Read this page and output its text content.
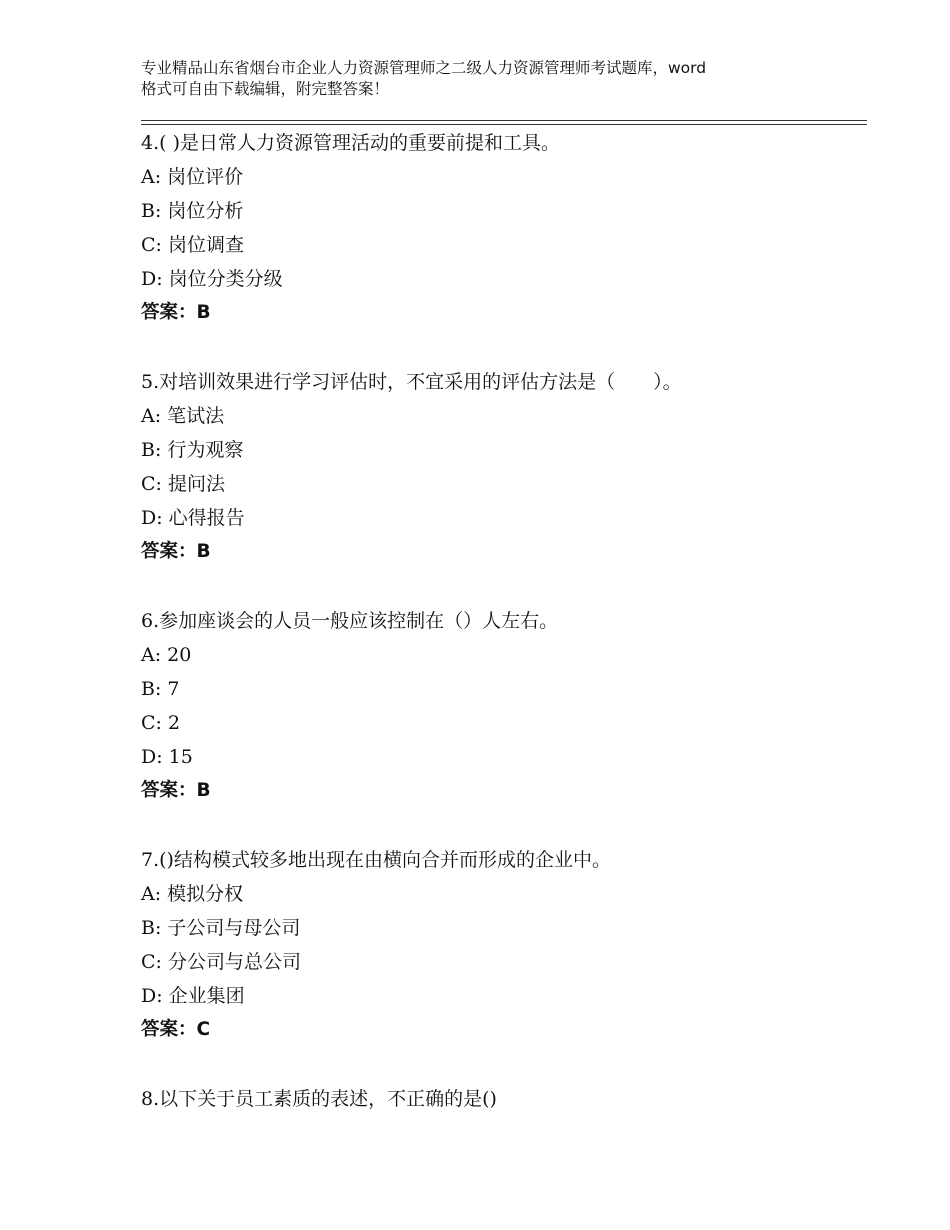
专业精品山东省烟台市企业人力资源管理师之二级人力资源管理师考试题库，word
格式可自由下载编辑，附完整答案！
4.( )是日常人力资源管理活动的重要前提和工具。
A: 岗位评价
B: 岗位分析
C: 岗位调查
D: 岗位分类分级
答案：B
5.对培训效果进行学习评估时，不宜采用的评估方法是（　　）。
A: 笔试法
B: 行为观察
C: 提问法
D: 心得报告
答案：B
6.参加座谈会的人员一般应该控制在（）人左右。
A: 20
B: 7
C: 2
D: 15
答案：B
7.()结构模式较多地出现在由横向合并而形成的企业中。
A: 模拟分权
B: 子公司与母公司
C: 分公司与总公司
D: 企业集团
答案：C
8.以下关于员工素质的表述，不正确的是()
